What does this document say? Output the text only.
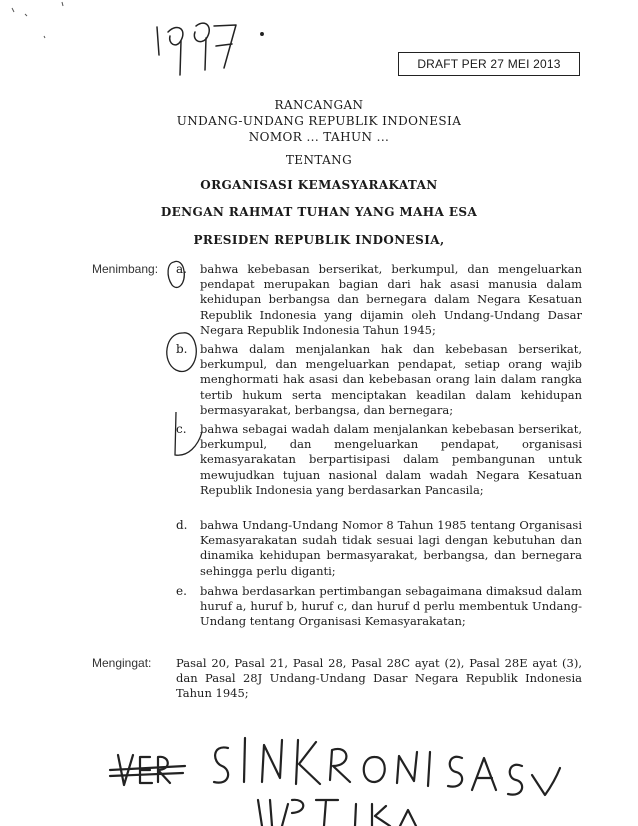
DRAFT PER 27 MEI 2013
RANCANGAN
UNDANG-UNDANG REPUBLIK INDONESIA
NOMOR ... TAHUN ...
TENTANG
ORGANISASI KEMASYARAKATAN
DENGAN RAHMAT TUHAN YANG MAHA ESA
PRESIDEN REPUBLIK INDONESIA,
Menimbang: a. bahwa kebebasan berserikat, berkumpul, dan mengeluarkan pendapat merupakan bagian dari hak asasi manusia dalam kehidupan berbangsa dan bernegara dalam Negara Kesatuan Republik Indonesia yang dijamin oleh Undang-Undang Dasar Negara Republik Indonesia Tahun 1945;
b. bahwa dalam menjalankan hak dan kebebasan berserikat, berkumpul, dan mengeluarkan pendapat, setiap orang wajib menghormati hak asasi dan kebebasan orang lain dalam rangka tertib hukum serta menciptakan keadilan dalam kehidupan bermasyarakat, berbangsa, dan bernegara;
c. bahwa sebagai wadah dalam menjalankan kebebasan berserikat, berkumpul, dan mengeluarkan pendapat, organisasi kemasyarakatan berpartisipasi dalam pembangunan untuk mewujudkan tujuan nasional dalam wadah Negara Kesatuan Republik Indonesia yang berdasarkan Pancasila;
d. bahwa Undang-Undang Nomor 8 Tahun 1985 tentang Organisasi Kemasyarakatan sudah tidak sesuai lagi dengan kebutuhan dan dinamika kehidupan bermasyarakat, berbangsa, dan bernegara sehingga perlu diganti;
e. bahwa berdasarkan pertimbangan sebagaimana dimaksud dalam huruf a, huruf b, huruf c, dan huruf d perlu membentuk Undang-Undang tentang Organisasi Kemasyarakatan;
Mengingat: Pasal 20, Pasal 21, Pasal 28, Pasal 28C ayat (2), Pasal 28E ayat (3), dan Pasal 28J Undang-Undang Dasar Negara Republik Indonesia Tahun 1945;
